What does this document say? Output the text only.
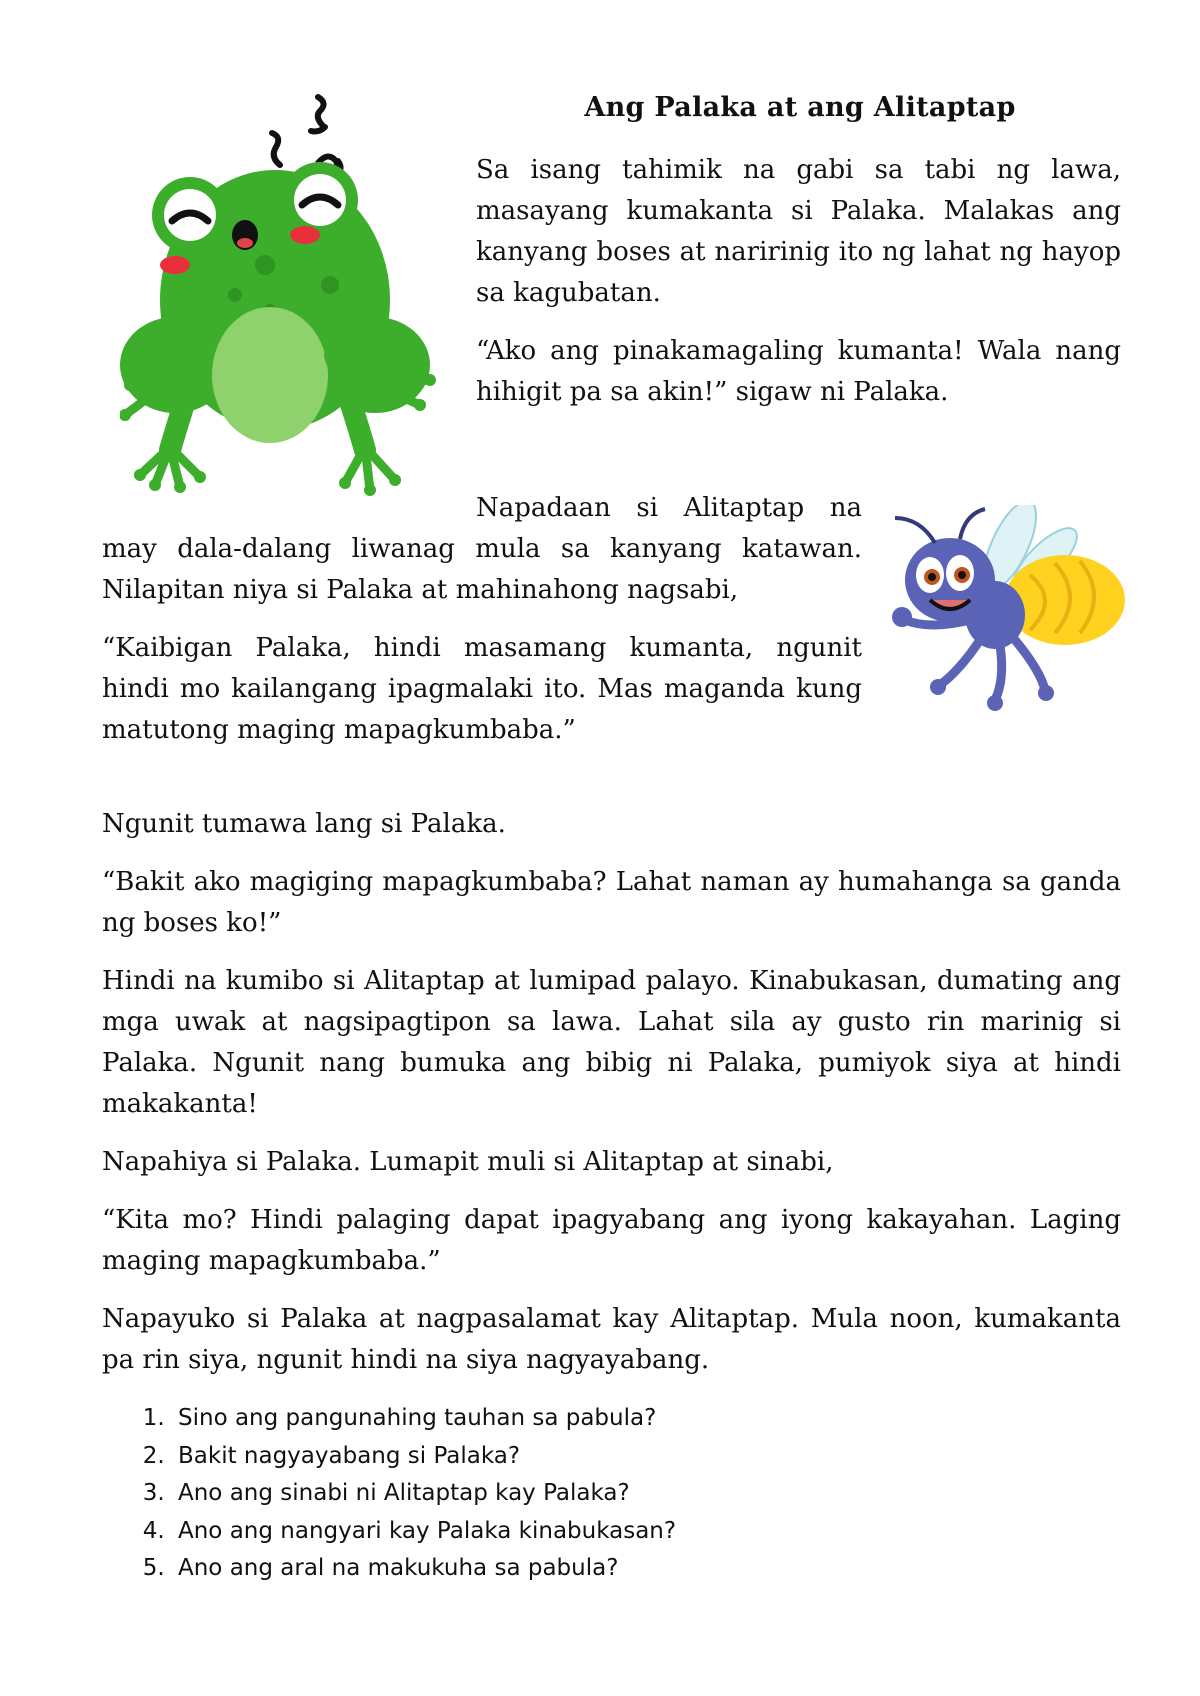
Ang Palaka at ang Alitaptap

Sa isang tahimik na gabi sa tabi ng lawa, masayang kumakanta si Palaka. Malakas ang kanyang boses at naririnig ito ng lahat ng hayop sa kagubatan.

“Ako ang pinakamagaling kumanta! Wala nang hihigit pa sa akin!” sigaw ni Palaka.

Napadaan si Alitaptap na may dala-dalang liwanag mula sa kanyang katawan. Nilapitan niya si Palaka at mahinahong nagsabi,

“Kaibigan Palaka, hindi masamang kumanta, ngunit hindi mo kailangang ipagmalaki ito. Mas maganda kung matutong maging mapagkumbaba.”

Ngunit tumawa lang si Palaka.

“Bakit ako magiging mapagkumbaba? Lahat naman ay humahanga sa ganda ng boses ko!”

Hindi na kumibo si Alitaptap at lumipad palayo. Kinabukasan, dumating ang mga uwak at nagsipagtipon sa lawa. Lahat sila ay gusto rin marinig si Palaka. Ngunit nang bumuka ang bibig ni Palaka, pumiyok siya at hindi makakanta!

Napahiya si Palaka. Lumapit muli si Alitaptap at sinabi,

“Kita mo? Hindi palaging dapat ipagyabang ang iyong kakayahan. Laging maging mapagkumbaba.”

Napayuko si Palaka at nagpasalamat kay Alitaptap. Mula noon, kumakanta pa rin siya, ngunit hindi na siya nagyayabang.

1. Sino ang pangunahing tauhan sa pabula?
2. Bakit nagyayabang si Palaka?
3. Ano ang sinabi ni Alitaptap kay Palaka?
4. Ano ang nangyari kay Palaka kinabukasan?
5. Ano ang aral na makukuha sa pabula?
